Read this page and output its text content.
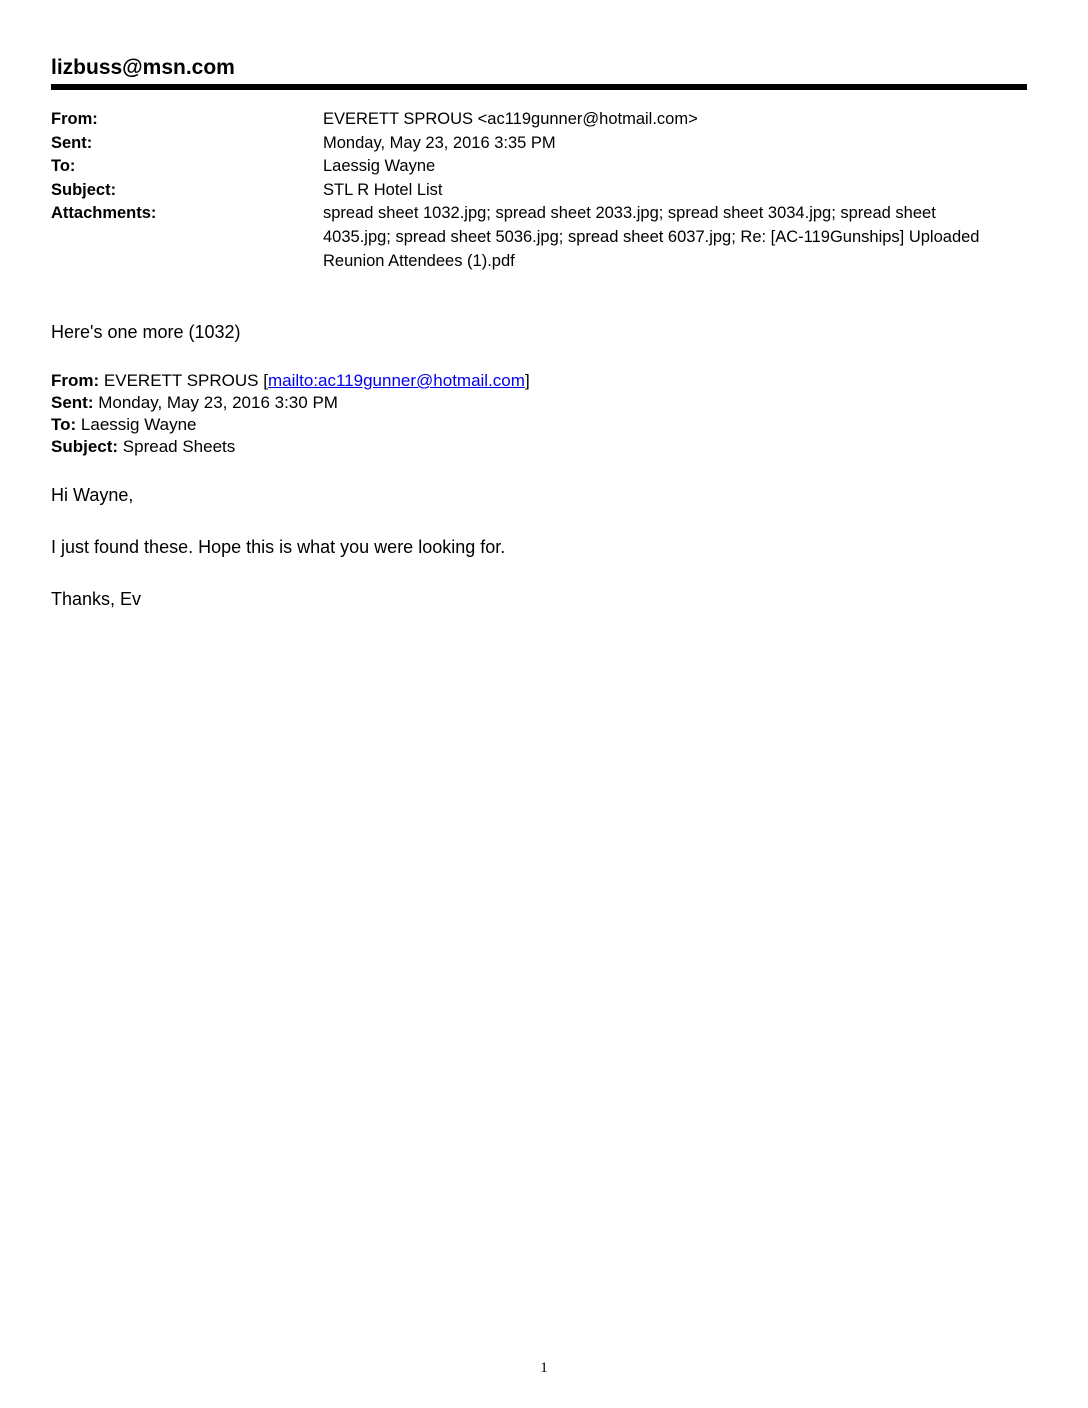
lizbuss@msn.com
From:	EVERETT SPROUS <ac119gunner@hotmail.com>
Sent:	Monday, May 23, 2016 3:35 PM
To:	Laessig Wayne
Subject:	STL R Hotel List
Attachments:	spread sheet 1032.jpg; spread sheet 2033.jpg; spread sheet 3034.jpg; spread sheet
4035.jpg; spread sheet 5036.jpg; spread sheet 6037.jpg; Re: [AC-119Gunships] Uploaded
Reunion Attendees (1).pdf
Here's one more (1032)
From: EVERETT SPROUS [mailto:ac119gunner@hotmail.com]
Sent: Monday, May 23, 2016 3:30 PM
To: Laessig Wayne
Subject: Spread Sheets
Hi Wayne,
I just found these. Hope this is what you were looking for.
Thanks, Ev
1
